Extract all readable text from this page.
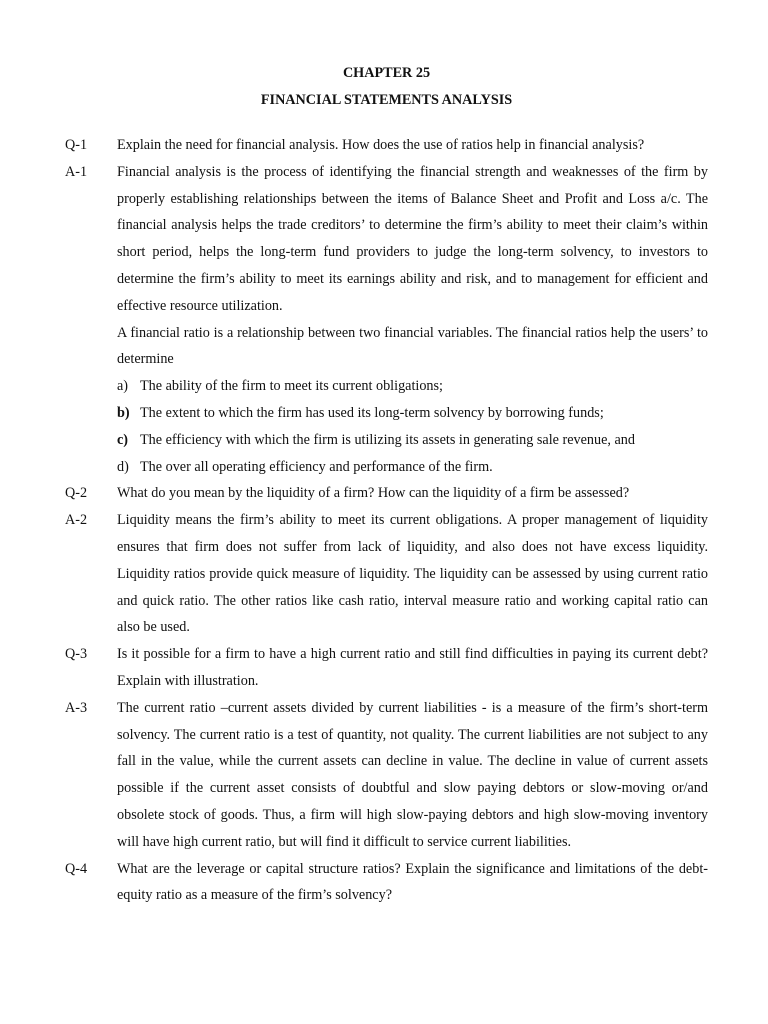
CHAPTER 25

FINANCIAL STATEMENTS ANALYSIS

Q-1	Explain the need for financial analysis. How does the use of ratios help in financial analysis?

A-1	Financial analysis is the process of identifying the financial strength and weaknesses of the firm by properly establishing relationships between the items of Balance Sheet and Profit and Loss a/c. The financial analysis helps the trade creditors’ to determine the firm’s ability to meet their claim’s within short period, helps the long-term fund providers to judge the long-term solvency, to investors to determine the firm’s ability to meet its earnings ability and risk, and to management for efficient and effective resource utilization.

A financial ratio is a relationship between two financial variables. The financial ratios help the users’ to determine

a) The ability of the firm to meet its current obligations;
b) The extent to which the firm has used its long-term solvency by borrowing funds;
c) The efficiency with which the firm is utilizing its assets in generating sale revenue, and
d) The over all operating efficiency and performance of the firm.
Q-2	What do you mean by the liquidity of a firm? How can the liquidity of a firm be assessed?

A-2	Liquidity means the firm’s ability to meet its current obligations. A proper management of liquidity ensures that firm does not suffer from lack of liquidity, and also does not have excess liquidity. Liquidity ratios provide quick measure of liquidity. The liquidity can be assessed by using current ratio and quick ratio. The other ratios like cash ratio, interval measure ratio and working capital ratio can also be used.

Q-3	Is it possible for a firm to have a high current ratio and still find difficulties in paying its current debt? Explain with illustration.

A-3	The current ratio –current assets divided by current liabilities - is a measure of the firm’s short-term solvency. The current ratio is a test of quantity, not quality. The current liabilities are not subject to any fall in the value, while the current assets can decline in value. The decline in value of current assets possible if the current asset consists of doubtful and slow paying debtors or slow-moving or/and obsolete stock of goods. Thus, a firm will high slow-paying debtors and high slow-moving inventory will have high current ratio, but will find it difficult to service current liabilities.

Q-4	What are the leverage or capital structure ratios? Explain the significance and limitations of the debt-equity ratio as a measure of the firm’s solvency?
